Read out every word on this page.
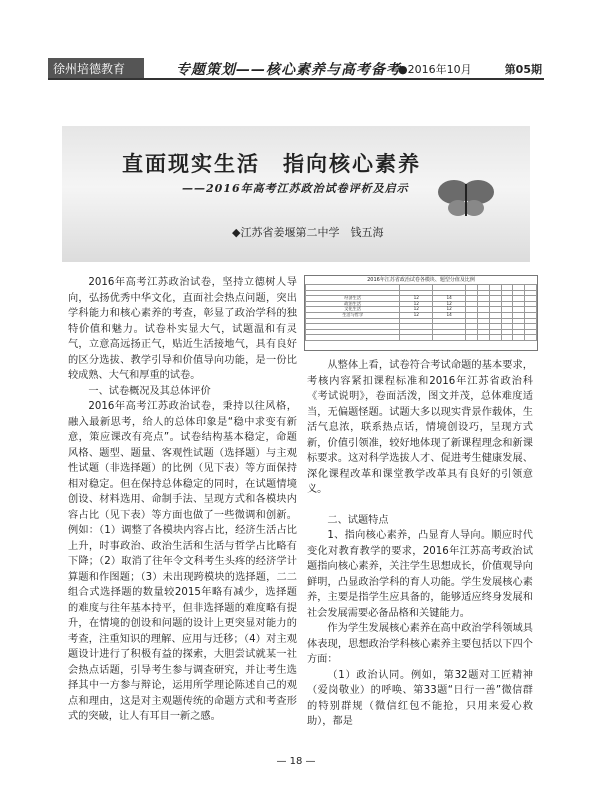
徐州培德教育	专题策划——核心素养与高考备考
●2016年10月	第05期
直面现实生活　指向核心素养
——2016年高考江苏政治试卷评析及启示
◆江苏省姜堰第二中学　钱五海

2016年高考江苏政治试卷，坚持立德树人导向，弘扬优秀中华文化，直面社会热点问题，突出学科能力和核心素养的考查，彰显了政治学科的独特价值和魅力。试卷朴实显大气，试题温和有灵气，立意高远扬正气，贴近生活接地气，具有良好的区分选拔、教学引导和价值导向功能，是一份比较成熟、大气和厚重的试卷。

一、试卷概况及其总体评价

2016年高考江苏政治试卷，秉持以往风格，融入最新思考，给人的总体印象是“稳中求变有新意，策应课改有亮点”。试卷结构基本稳定，命题风格、题型、题量、客观性试题（选择题）与主观性试题（非选择题）的比例（见下表）等方面保持相对稳定。但在保持总体稳定的同时，在试题情境创设、材料选用、命制手法、呈现方式和各模块内容占比（见下表）等方面也做了一些微调和创新。例如：（1）调整了各模块内容占比，经济生活占比上升，时事政治、政治生活和生活与哲学占比略有下降；（2）取消了往年令文科考生头疼的经济学计算题和作图题；（3）未出现跨模块的选择题，二二组合式选择题的数量较2015年略有减少，选择题的难度与往年基本持平，但非选择题的难度略有提升，在情境的创设和问题的设计上更突显对能力的考查，注重知识的理解、应用与迁移；（4）对主观题设计进行了积极有益的探索，大胆尝试就某一社会热点话题，引导考生参与调查研究，并让考生选择其中一方参与辩论，运用所学理论陈述自己的观点和理由，这是对主观题传统的命题方式和考查形式的突破，让人有耳目一新之感。

2016年江苏省政治试卷各模块、题型分值及比例

经济生活	12	14						
政治生活	12	12						
文化生活	12	12						
生活与哲学	12	14						

从整体上看，试卷符合考试命题的基本要求，考核内容紧扣课程标准和2016年江苏省政治科《考试说明》，卷面活泼，图文并茂，总体难度适当，无偏题怪题。试题大多以现实背景作载体，生活气息浓，联系热点话，情境创设巧，呈现方式新，价值引领准，较好地体现了新课程理念和新课标要求。这对科学选拔人才、促进考生健康发展、深化课程改革和课堂教学改革具有良好的引领意义。

二、试题特点

1、指向核心素养，凸显育人导向。顺应时代变化对教育教学的要求，2016年江苏高考政治试题指向核心素养，关注学生思想成长，价值观导向鲜明，凸显政治学科的育人功能。学生发展核心素养，主要是指学生应具备的，能够适应终身发展和社会发展需要必备品格和关键能力。

作为学生发展核心素养在高中政治学科领域具体表现，思想政治学科核心素养主要包括以下四个方面：

（1）政治认同。例如，第32题对工匠精神（爱岗敬业）的呼唤、第33题“日行一善”微信群的特别群规（微信红包不能抢，只用来爱心救助），都是

— 18 —
